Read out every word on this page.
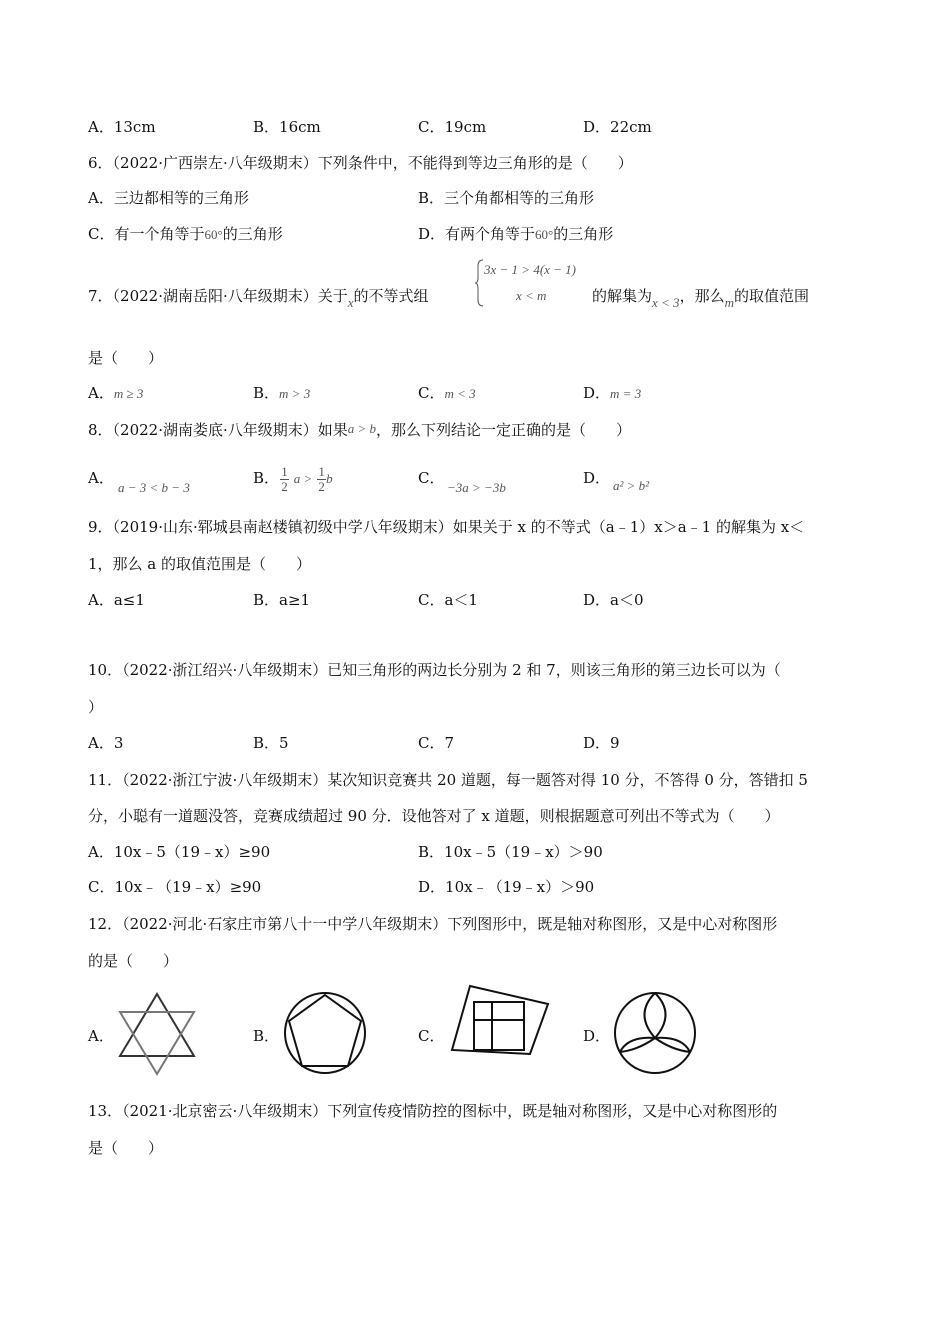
A．13cm	B．16cm	C．19cm	D．22cm
6．（2022·广西崇左·八年级期末）下列条件中，不能得到等边三角形的是（　　）
A．三边都相等的三角形	B．三个角都相等的三角形
C．有一个角等于60°的三角形	D．有两个角等于60°的三角形
7．（2022·湖南岳阳·八年级期末）关于x的不等式组
3x − 1 > 4(x − 1)
x < m	的解集为x < 3，那么m的取值范围
是（　　）
A．m ≥ 3	B．m > 3	C．m < 3	D．m = 3
8．（2022·湖南娄底·八年级期末）如果a > b，那么下列结论一定正确的是（　　）
A．
a − 3 < b − 3
B． $\frac{1}{2}$ $a > \frac{1}{2}$ b	C．
−3a > −3b
D． a² > b²
9．（2019·山东·郓城县南赵楼镇初级中学八年级期末）如果关于 x 的不等式（a﹣1）x＞a﹣1 的解集为 x＜
1，那么 a 的取值范围是（　　）
A．a≤1	B．a≥1	C．a＜1	D．a＜0
10．（2022·浙江绍兴·八年级期末）已知三角形的两边长分别为 2 和 7，则该三角形的第三边长可以为（
）
A．3	B．5	C．7	D．9
11．（2022·浙江宁波·八年级期末）某次知识竞赛共 20 道题，每一题答对得 10 分，不答得 0 分，答错扣 5
分，小聪有一道题没答，竞赛成绩超过 90 分．设他答对了 x 道题，则根据题意可列出不等式为（　　）
A．10x﹣5（19﹣x）≥90	B．10x﹣5（19﹣x）＞90
C．10x﹣（19﹣x）≥90	D．10x﹣（19﹣x）＞90
12．（2022·河北·石家庄市第八十一中学八年级期末）下列图形中，既是轴对称图形，又是中心对称图形
的是（　　）
A．	B．	C．	D．
13．（2021·北京密云·八年级期末）下列宣传疫情防控的图标中，既是轴对称图形，又是中心对称图形的
是（　　）
